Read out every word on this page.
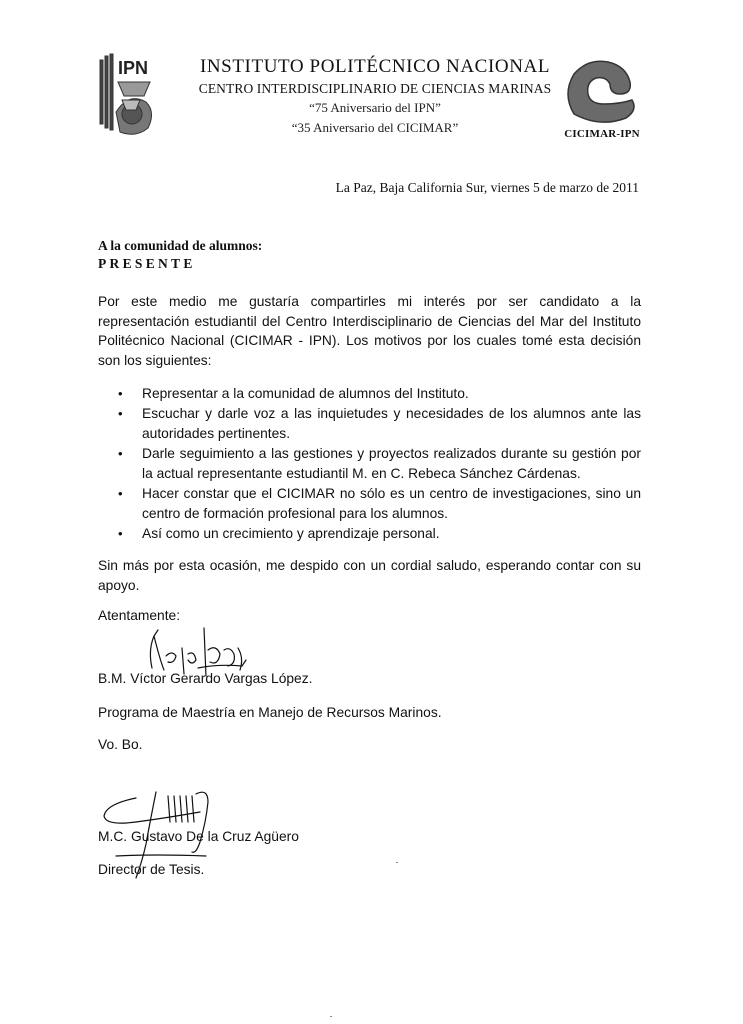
IPN	INSTITUTO POLITÉCNICO NACIONAL
CENTRO INTERDISCIPLINARIO DE CIENCIAS MARINAS
“75 Aniversario del IPN”
“35 Aniversario del CICIMAR”	CICIMAR-IPN
La Paz, Baja California Sur, viernes 5 de marzo de 2011
A la comunidad de alumnos:
PRESENTE

Por este medio me gustaría compartirles mi interés por ser candidato a la representación estudiantil del Centro Interdisciplinario de Ciencias del Mar del Instituto Politécnico Nacional (CICIMAR - IPN). Los motivos por los cuales tomé esta decisión son los siguientes:

• Representar a la comunidad de alumnos del Instituto.
• Escuchar y darle voz a las inquietudes y necesidades de los alumnos ante las autoridades pertinentes.
• Darle seguimiento a las gestiones y proyectos realizados durante su gestión por la actual representante estudiantil M. en C. Rebeca Sánchez Cárdenas.
• Hacer constar que el CICIMAR no sólo es un centro de investigaciones, sino un centro de formación profesional para los alumnos.
• Así como un crecimiento y aprendizaje personal.

Sin más por esta ocasión, me despido con un cordial saludo, esperando contar con su apoyo.

Atentamente:
B.M. Víctor Gerardo Vargas López.
Programa de Maestría en Manejo de Recursos Marinos.
Vo. Bo.
M.C. Gustavo De la Cruz Agüero
Director de Tesis.
